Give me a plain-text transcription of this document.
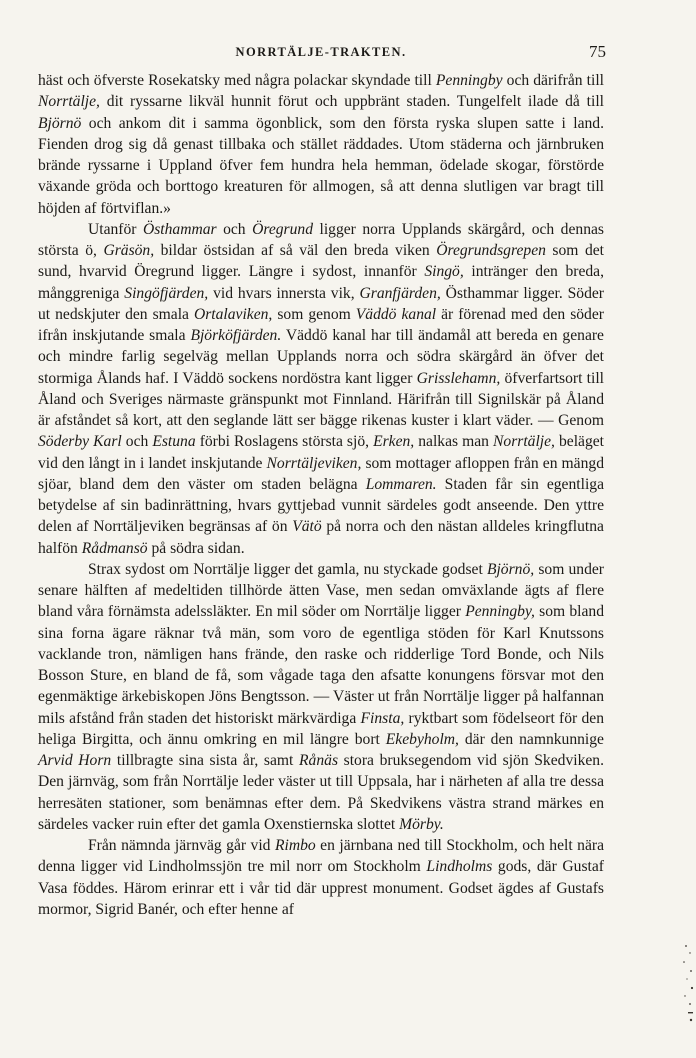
NORRTÄLJE-TRAKTEN.	75

häst och öfverste Rosekatsky med några polackar skyndade till Penningby och därifrån till Norrtälje, dit ryssarne likväl hunnit förut och uppbränt staden. Tungelfelt ilade då till Björnö och ankom dit i samma ögonblick, som den första ryska slupen satte i land. Fienden drog sig då genast tillbaka och stället räddades. Utom städerna och järnbruken brände ryssarne i Uppland öfver fem hundra hela hemman, ödelade skogar, förstörde växande gröda och borttogo kreaturen för allmogen, så att denna slutligen var bragt till höjden af förtviflan.»

Utanför Östhammar och Öregrund ligger norra Upplands skärgård, och dennas största ö, Gräsön, bildar östsidan af så väl den breda viken Öregrundsgrepen som det sund, hvarvid Öregrund ligger. Längre i sydost, innanför Singö, intränger den breda, månggreniga Singöfjärden, vid hvars innersta vik, Granfjärden, Östhammar ligger. Söder ut nedskjuter den smala Ortalaviken, som genom Väddö kanal är förenad med den söder ifrån inskjutande smala Björköfjärden. Väddö kanal har till ändamål att bereda en genare och mindre farlig segelväg mellan Upplands norra och södra skärgård än öfver det stormiga Ålands haf. I Väddö sockens nordöstra kant ligger Grisslehamn, öfverfartsort till Åland och Sveriges närmaste gränspunkt mot Finnland. Härifrån till Signilskär på Åland är afståndet så kort, att den seglande lätt ser bägge rikenas kuster i klart väder. — Genom Söderby Karl och Estuna förbi Roslagens största sjö, Erken, nalkas man Norrtälje, beläget vid den långt in i landet inskjutande Norrtäljeviken, som mottager afloppen från en mängd sjöar, bland dem den väster om staden belägna Lommaren. Staden får sin egentliga betydelse af sin badinrättning, hvars gyttjebad vunnit särdeles godt anseende. Den yttre delen af Norrtäljeviken begränsas af ön Vätö på norra och den nästan alldeles kringflutna halfön Rådmansö på södra sidan.

Strax sydost om Norrtälje ligger det gamla, nu styckade godset Björnö, som under senare hälften af medeltiden tillhörde ätten Vase, men sedan omväxlande ägts af flere bland våra förnämsta adelssläkter. En mil söder om Norrtälje ligger Penningby, som bland sina forna ägare räknar två män, som voro de egentliga stöden för Karl Knutssons vacklande tron, nämligen hans frände, den raske och ridderlige Tord Bonde, och Nils Bosson Sture, en bland de få, som vågade taga den afsatte konungens försvar mot den egenmäktige ärkebiskopen Jöns Bengtsson. — Väster ut från Norrtälje ligger på halfannan mils afstånd från staden det historiskt märkvärdiga Finsta, ryktbart som födelseort för den heliga Birgitta, och ännu omkring en mil längre bort Ekebyholm, där den namnkunnige Arvid Horn tillbragte sina sista år, samt Rånäs stora bruksegendom vid sjön Skedviken. Den järnväg, som från Norrtälje leder väster ut till Uppsala, har i närheten af alla tre dessa herresäten stationer, som benämnas efter dem. På Skedvikens västra strand märkes en särdeles vacker ruin efter det gamla Oxenstiernska slottet Mörby.

Från nämnda järnväg går vid Rimbo en järnbana ned till Stockholm, och helt nära denna ligger vid Lindholmssjön tre mil norr om Stockholm Lindholms gods, där Gustaf Vasa föddes. Härom erinrar ett i vår tid där upprest monument. Godset ägdes af Gustafs mormor, Sigrid Banér, och efter henne af
